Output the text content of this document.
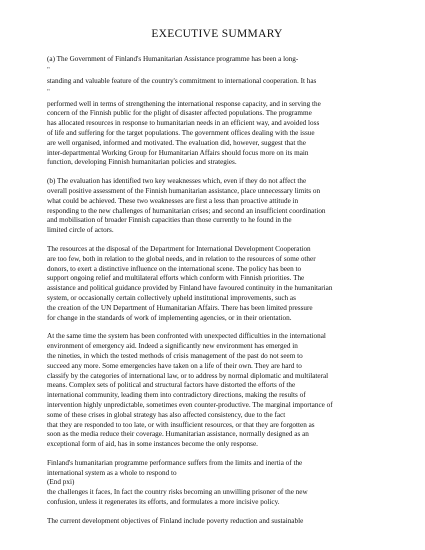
EXECUTIVE SUMMARY

(a) The Government of Finland's Humanitarian Assistance programme has been a long-

"

standing and valuable feature of the country's commitment to international cooperation. It has

"

performed well in terms of strengthening the international response capacity, and in serving the
concern of the Finnish public for the plight of disaster affected populations. The programme
has allocated resources in response to humanitarian needs in an efficient way, and avoided loss
of life and suffering for the target populations. The government offices dealing with the issue
are well organised, informed and motivated. The evaluation did, however, suggest that the
inter-departmental Working Group for Humanitarian Affairs should focus more on its main
function, developing Finnish humanitarian policies and strategies.

(b) The evaluation has identified two key weaknesses which, even if they do not affect the
overall positive assessment of the Finnish humanitarian assistance, place unnecessary limits on
what could be achieved. These two weaknesses are first a less than proactive attitude in
responding to the new challenges of humanitarian crises; and second an insufficient coordination
and mobilisation of broader Finnish capacities than those currently to he found in the
limited circle of actors.

The resources at the disposal of the Department for International Development Cooperation
are too few, both in relation to the global needs, and in relation to the resources of some other
donors, to exert a distinctive influence on the international scene. The policy has been to
support ongoing relief and multilateral efforts which conform with Finnish priorities. The
assistance and political guidance provided by Finland have favoured continuity in the humanitarian
system, or occasionally certain collectively upheld institutional improvements, such as
the creation of the UN Department of Humanitarian Affairs. There has been limited pressure
for change in the standards of work of implementing agencies, or in their orientation.

At the same time the system has been confronted with unexpected difficulties in the international
environment of emergency aid. Indeed a significantly new environment has emerged in
the nineties, in which the tested methods of crisis management of the past do not seem to
succeed any more. Some emergencies have taken on a life of their own. They are hard to
classify by the categories of international law, or to address by normal diplomatic and multilateral
means. Complex sets of political and structural factors have distorted the efforts of the
international community, leading them into contradictory directions, making the results of
intervention highly unpredictable, sometimes even counter-productive. The marginal importance of
some of these crises in global strategy has also affected consistency, due to the fact
that they are responded to too late, or with insufficient resources, or that they are forgotten as
soon as the media reduce their coverage. Humanitarian assistance, normally designed as an
exceptional form of aid, has in some instances become the only response.

Finland's humanitarian programme performance suffers from the limits and inertia of the
international system as a whole to respond to
(End pxi)
the challenges it faces, In fact the country risks becoming an unwilling prisoner of the new
confusion, unless it regenerates its efforts, and formulates a more incisive policy.

The current development objectives of Finland include poverty reduction and sustainable
